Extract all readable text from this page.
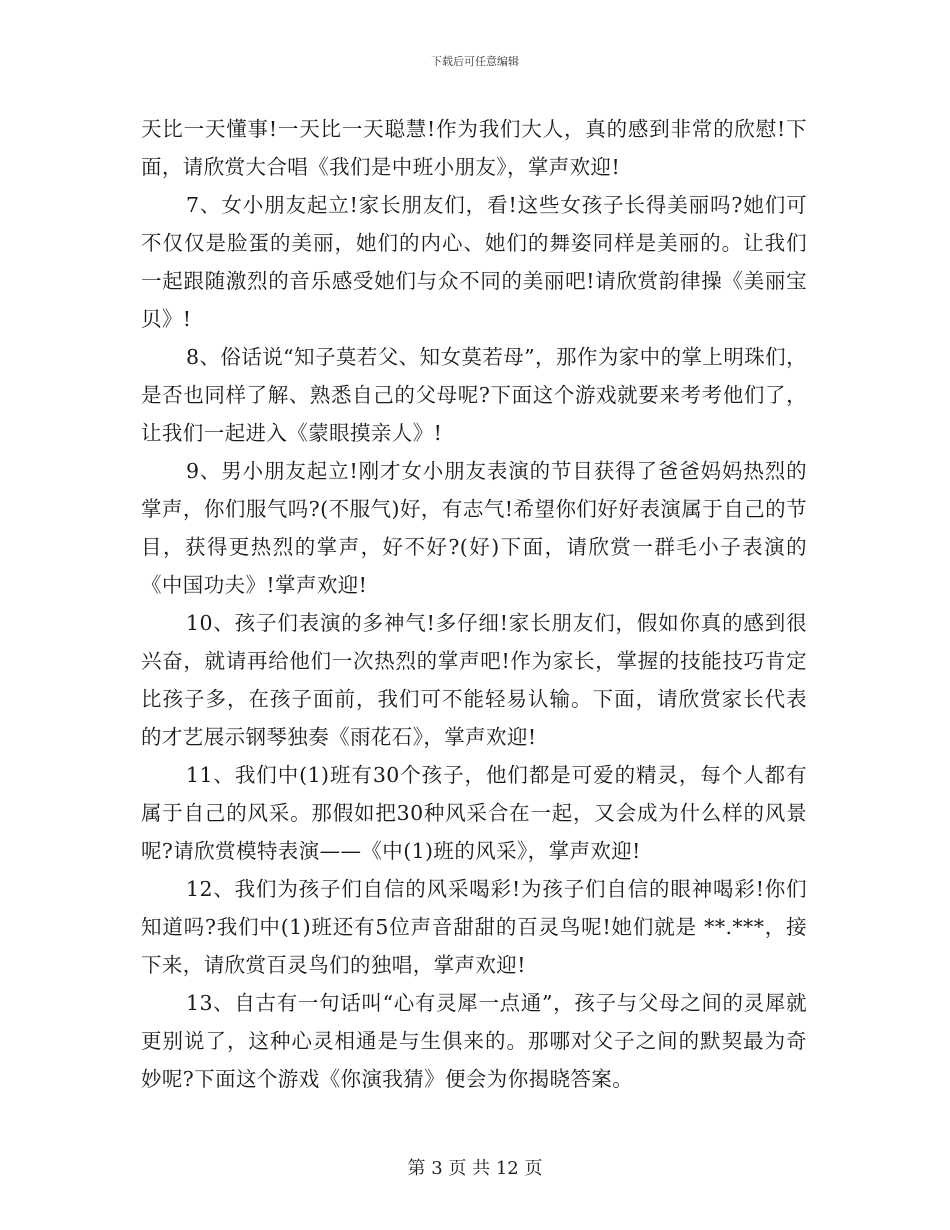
下载后可任意编辑

天比一天懂事!一天比一天聪慧!作为我们大人，真的感到非常的欣慰!下面，请欣赏大合唱《我们是中班小朋友》，掌声欢迎!

7、女小朋友起立!家长朋友们，看!这些女孩子长得美丽吗?她们可不仅仅是脸蛋的美丽，她们的内心、她们的舞姿同样是美丽的。让我们一起跟随激烈的音乐感受她们与众不同的美丽吧!请欣赏韵律操《美丽宝贝》!

8、俗话说“知子莫若父、知女莫若母”，那作为家中的掌上明珠们，是否也同样了解、熟悉自己的父母呢?下面这个游戏就要来考考他们了，让我们一起进入《蒙眼摸亲人》!

9、男小朋友起立!刚才女小朋友表演的节目获得了爸爸妈妈热烈的掌声，你们服气吗?(不服气)好，有志气!希望你们好好表演属于自己的节目，获得更热烈的掌声，好不好?(好)下面，请欣赏一群毛小子表演的《中国功夫》!掌声欢迎!

10、孩子们表演的多神气!多仔细!家长朋友们，假如你真的感到很兴奋，就请再给他们一次热烈的掌声吧!作为家长，掌握的技能技巧肯定比孩子多，在孩子面前，我们可不能轻易认输。下面，请欣赏家长代表的才艺展示钢琴独奏《雨花石》，掌声欢迎!

11、我们中(1)班有30个孩子，他们都是可爱的精灵，每个人都有属于自己的风采。那假如把30种风采合在一起，又会成为什么样的风景呢?请欣赏模特表演——《中(1)班的风采》，掌声欢迎!

12、我们为孩子们自信的风采喝彩!为孩子们自信的眼神喝彩!你们知道吗?我们中(1)班还有5位声音甜甜的百灵鸟呢!她们就是 **.***，接下来，请欣赏百灵鸟们的独唱，掌声欢迎!

13、自古有一句话叫“心有灵犀一点通”，孩子与父母之间的灵犀就更别说了，这种心灵相通是与生俱来的。那哪对父子之间的默契最为奇妙呢?下面这个游戏《你演我猜》便会为你揭晓答案。

第 3 页 共 12 页
